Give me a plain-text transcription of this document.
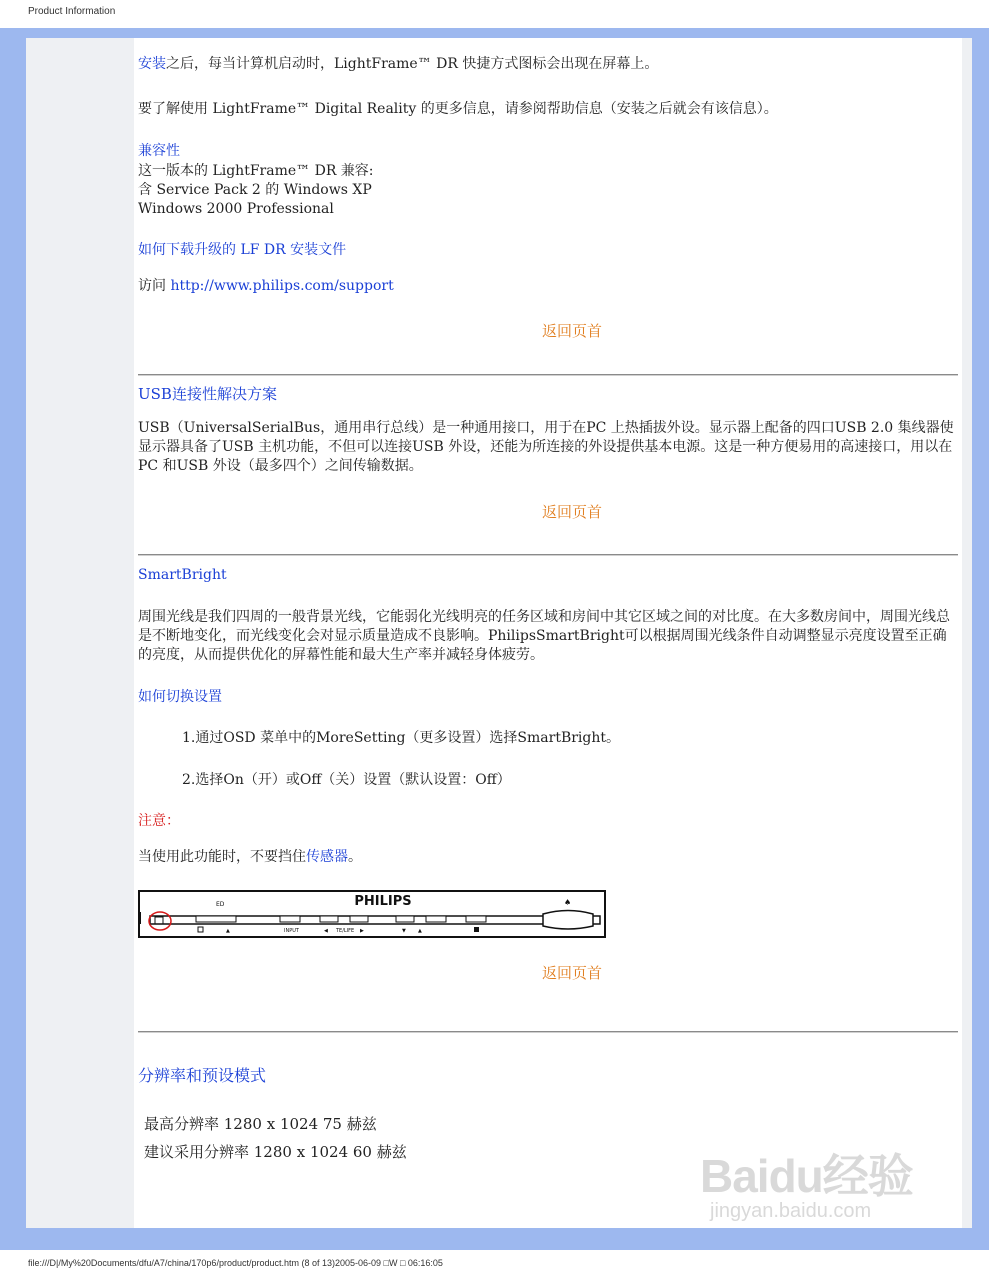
Product Information
安装之后，每当计算机启动时，LightFrame™ DR 快捷方式图标会出现在屏幕上。
要了解使用 LightFrame™ Digital Reality 的更多信息，请参阅帮助信息（安装之后就会有该信息）。
兼容性
这一版本的 LightFrame™ DR 兼容:
含 Service Pack 2 的 Windows XP
Windows 2000 Professional
如何下载升级的 LF DR 安装文件
访问 http://www.philips.com/support
返回页首
USB连接性解决方案
USB（UniversalSerialBus，通用串行总线）是一种通用接口，用于在PC 上热插拔外设。显示器上配备的四口USB 2.0 集线器使显示器具备了USB 主机功能，不但可以连接USB 外设，还能为所连接的外设提供基本电源。这是一种方便易用的高速接口，用以在PC 和USB 外设（最多四个）之间传输数据。
返回页首
SmartBright
周围光线是我们四周的一般背景光线，它能弱化光线明亮的任务区域和房间中其它区域之间的对比度。在大多数房间中，周围光线总是不断地变化，而光线变化会对显示质量造成不良影响。PhilipsSmartBright可以根据周围光线条件自动调整显示亮度设置至正确的亮度，从而提供优化的屏幕性能和最大生产率并减轻身体疲劳。
如何切换设置
1.通过OSD 菜单中的MoreSetting（更多设置）选择SmartBright。
2.选择On（开）或Off（关）设置（默认设置：Off）
注意：
当使用此功能时，不要挡住传感器。
PHILIPS
ED	♠
▲	INPUT	◀ TE/LIFE ▶	▼ ▲
返回页首
分辨率和预设模式
最高分辨率 1280 x 1024 75 赫兹
建议采用分辨率 1280 x 1024 60 赫兹	Baidu经验
jingyan.baidu.com
file:///D|/My%20Documents/dfu/A7/china/170p6/product/product.htm (8 of 13)2005-06-09 □W □ 06:16:05
